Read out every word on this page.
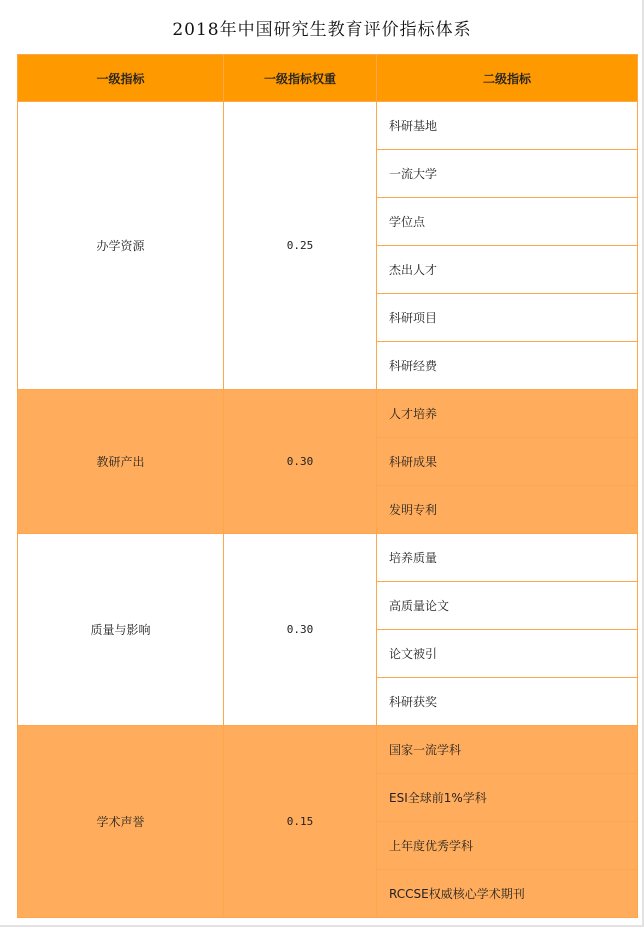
2018年中国研究生教育评价指标体系
一级指标	一级指标权重	二级指标
办学资源	0.25	科研基地
		一流大学
		学位点
		杰出人才
		科研项目
		科研经费
教研产出	0.30	人才培养
		科研成果
		发明专利
质量与影响	0.30	培养质量
		高质量论文
		论文被引
		科研获奖
学术声誉	0.15	国家一流学科
		ESI全球前1%学科
		上年度优秀学科
		RCCSE权威核心学术期刊
